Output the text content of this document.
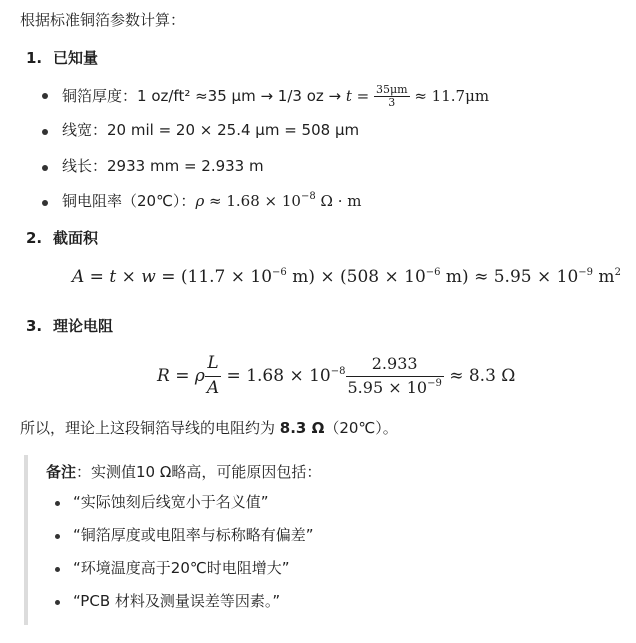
根据标准铜箔参数计算：
1. 已知量
铜箔厚度：1 oz/ft² ≈35 μm → 1/3 oz → $t = \frac{35\mu m}{3} \approx 11.7\mu m$
线宽：20 mil = 20 × 25.4 μm = 508 μm
线长：2933 mm = 2.933 m
铜电阻率（20℃）：$\rho \approx 1.68 \times 10^{-8}$ Ω · m
2. 截面积
$A = t \times w = (11.7 \times 10^{-6}$ $m) \times (508 \times 10^{-6}$ $m) \approx 5.95 \times 10^{-9}$ $m^2$
3. 理论电阻
R = ρ $\frac{L}{A} = 1.68 \times 10^{-8} \frac{2.933}{5.95 \times 10^{-9}} \approx 8.3$ Ω
所以，理论上这段铜箔导线的电阻约为 8.3 Ω（20℃）。
备注：实测值10 Ω略高，可能原因包括：
“实际蚀刻后线宽小于名义值”
“铜箔厚度或电阻率与标称略有偏差”
“环境温度高于20℃时电阻增大”
“PCB 材料及测量误差等因素。”
